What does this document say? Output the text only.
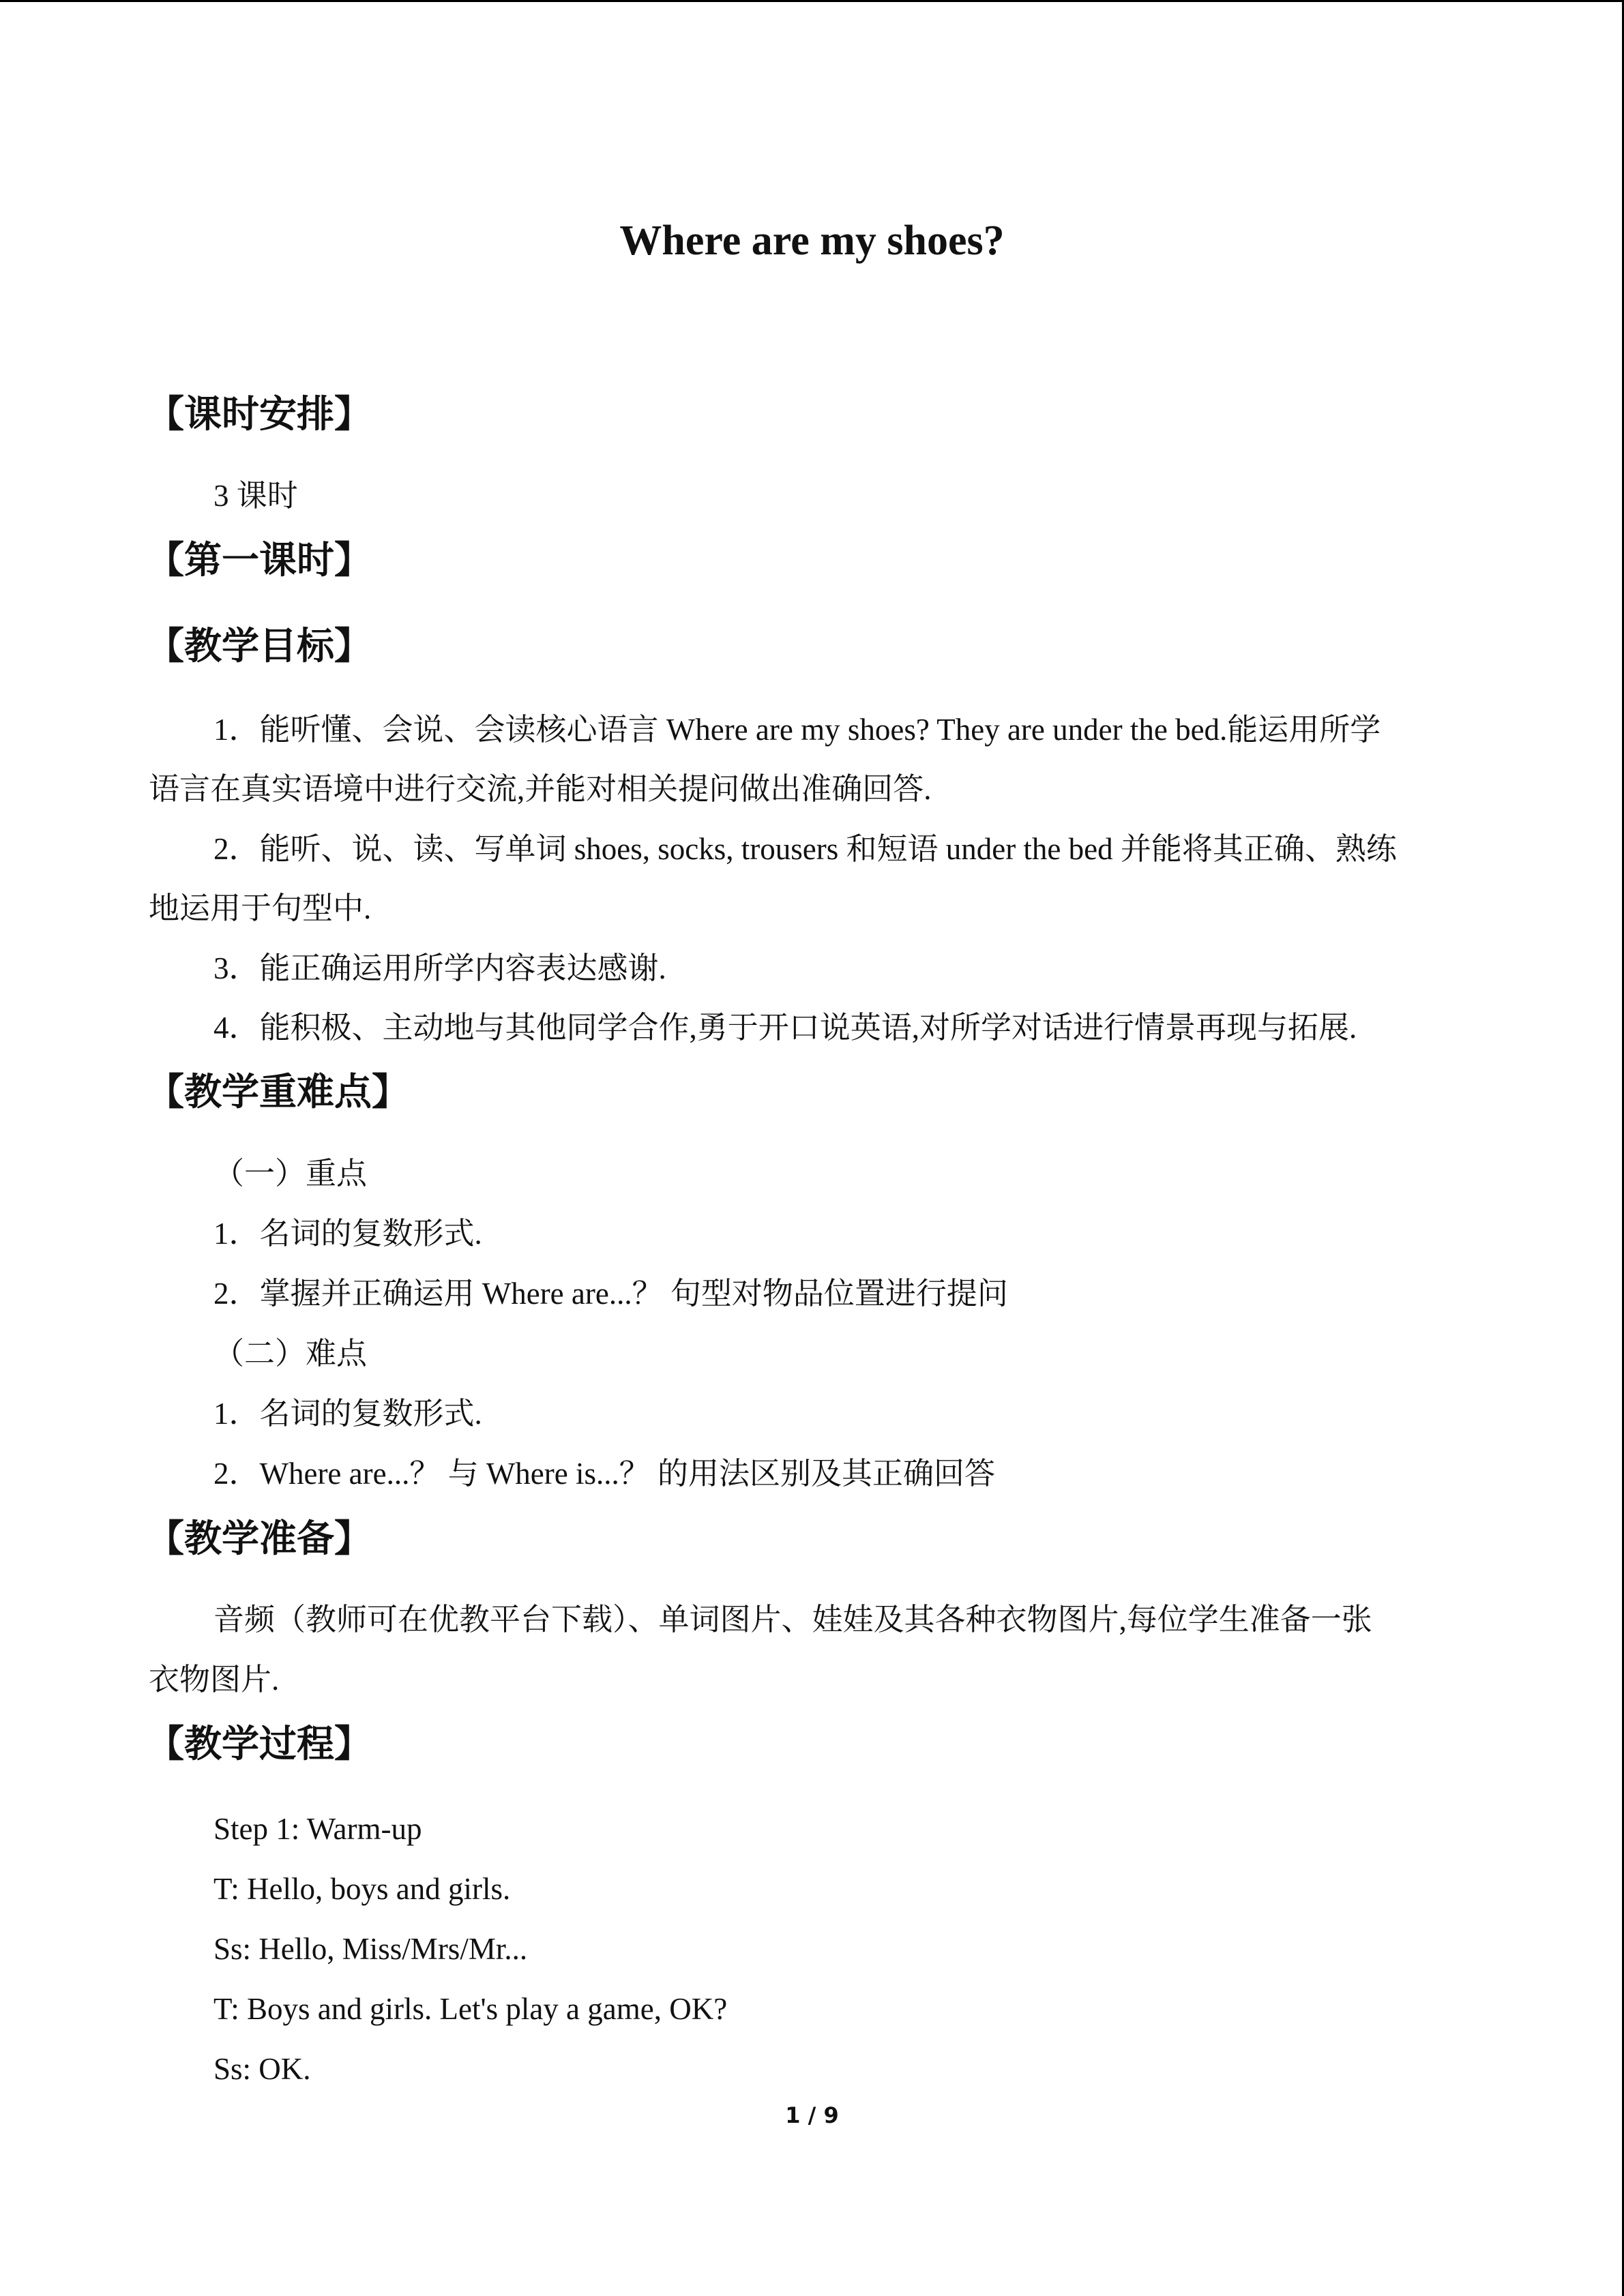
Where are my shoes?
【课时安排】
3 课时
【第一课时】
【教学目标】
1．能听懂、会说、会读核心语言 Where are my shoes? They are under the bed.能运用所学
语言在真实语境中进行交流,并能对相关提问做出准确回答.
2．能听、说、读、写单词 shoes, socks, trousers 和短语 under the bed 并能将其正确、熟练
地运用于句型中.
3．能正确运用所学内容表达感谢.
4．能积极、主动地与其他同学合作,勇于开口说英语,对所学对话进行情景再现与拓展.
【教学重难点】
（一）重点
1．名词的复数形式.
2．掌握并正确运用 Where are...？ 句型对物品位置进行提问
（二）难点
1．名词的复数形式.
2．Where are...？ 与 Where is...？ 的用法区别及其正确回答
【教学准备】
音频（教师可在优教平台下载）、单词图片、娃娃及其各种衣物图片,每位学生准备一张
衣物图片.
【教学过程】
Step 1: Warm-up
T: Hello, boys and girls.
Ss: Hello, Miss/Mrs/Mr...
T: Boys and girls. Let's play a game, OK?
Ss: OK.
1 / 9
